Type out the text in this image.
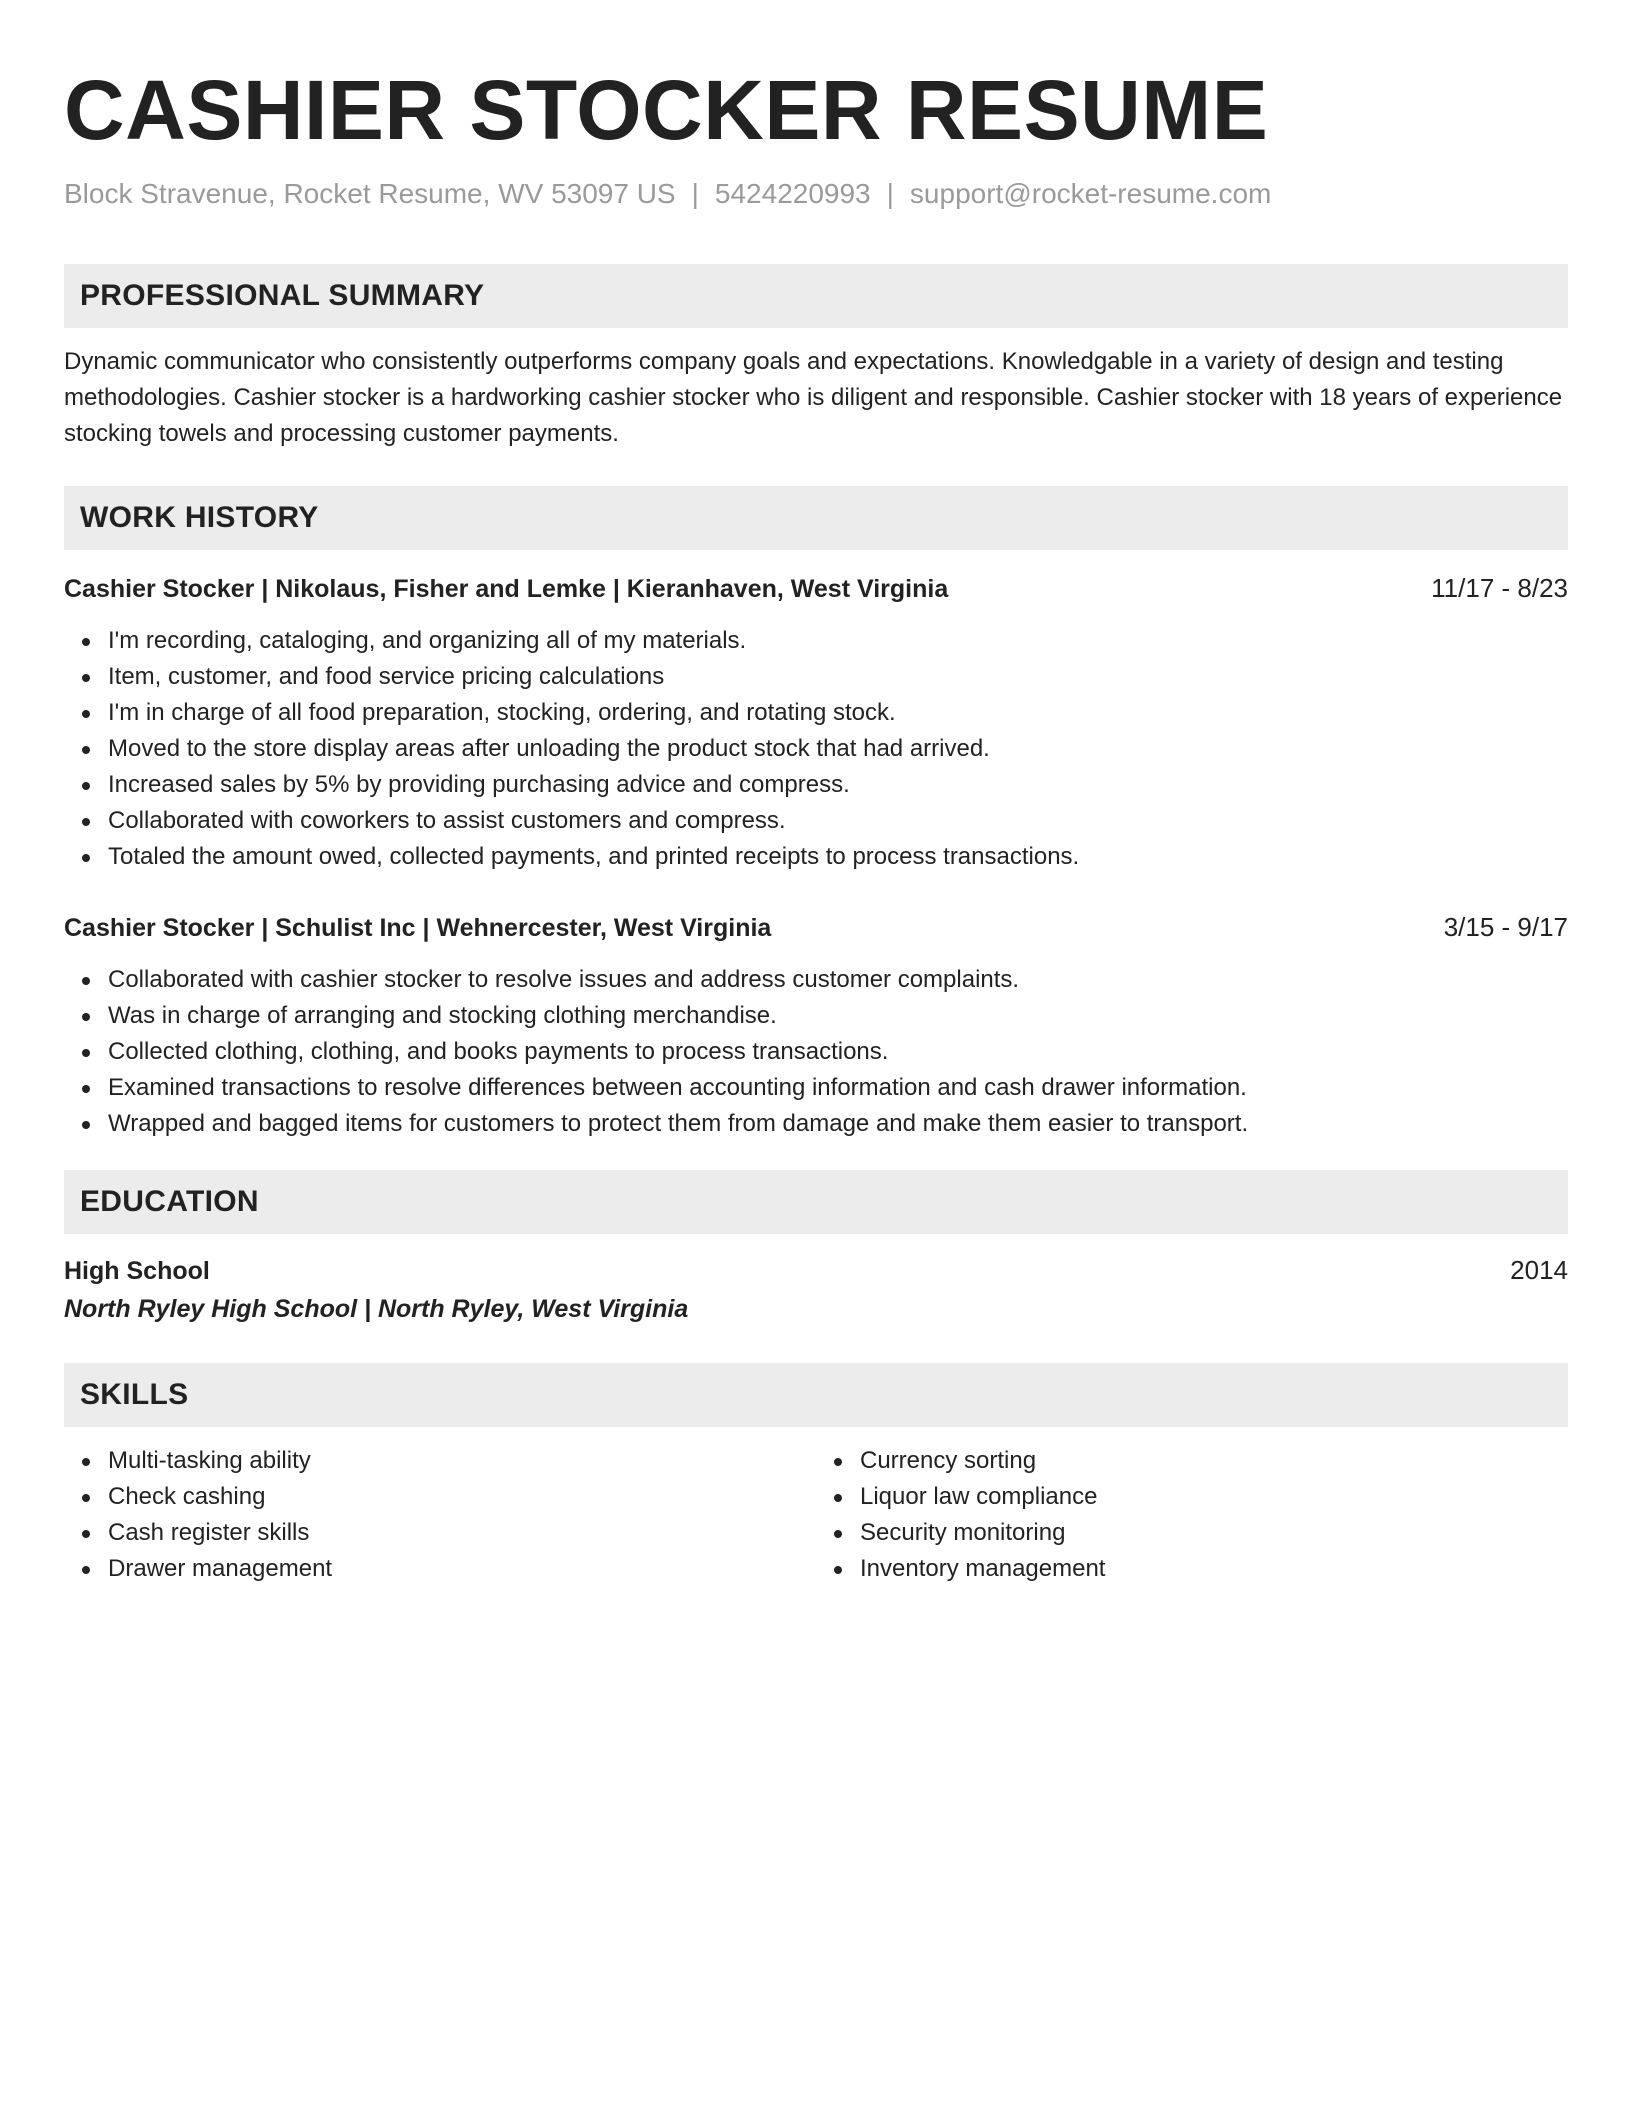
CASHIER STOCKER RESUME
Block Stravenue, Rocket Resume, WV 53097 US | 5424220993 | support@rocket-resume.com
PROFESSIONAL SUMMARY

Dynamic communicator who consistently outperforms company goals and expectations. Knowledgable in a variety of design and testing methodologies. Cashier stocker is a hardworking cashier stocker who is diligent and responsible. Cashier stocker with 18 years of experience stocking towels and processing customer payments.

WORK HISTORY
Cashier Stocker | Nikolaus, Fisher and Lemke | Kieranhaven, West Virginia	11/17 - 8/23
I'm recording, cataloging, and organizing all of my materials.
Item, customer, and food service pricing calculations
I'm in charge of all food preparation, stocking, ordering, and rotating stock.
Moved to the store display areas after unloading the product stock that had arrived.
Increased sales by 5% by providing purchasing advice and compress.
Collaborated with coworkers to assist customers and compress.
Totaled the amount owed, collected payments, and printed receipts to process transactions.
Cashier Stocker | Schulist Inc | Wehnercester, West Virginia	3/15 - 9/17
Collaborated with cashier stocker to resolve issues and address customer complaints.
Was in charge of arranging and stocking clothing merchandise.
Collected clothing, clothing, and books payments to process transactions.
Examined transactions to resolve differences between accounting information and cash drawer information.
Wrapped and bagged items for customers to protect them from damage and make them easier to transport.
EDUCATION
High School	2014
North Ryley High School | North Ryley, West Virginia
SKILLS
Multi-tasking ability
Check cashing
Cash register skills
Drawer management
Currency sorting
Liquor law compliance
Security monitoring
Inventory management
